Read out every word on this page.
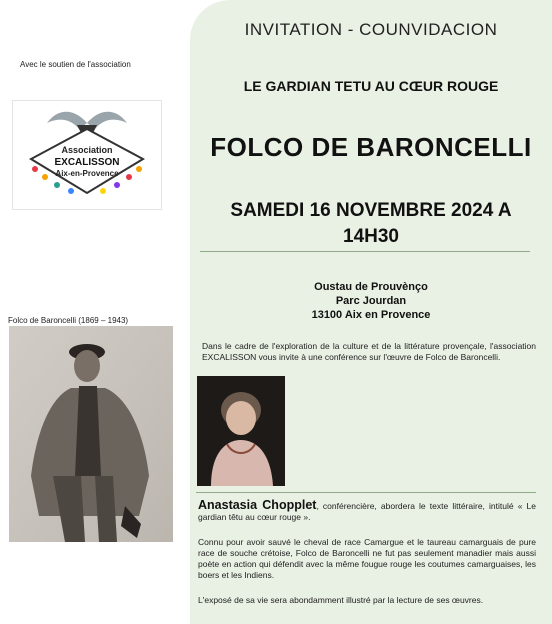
Avec le soutien de l'association
Association
EXCALISSON
Aix-en-Provence
Folco de Baroncelli (1869 – 1943)
INVITATION - COUNVIDACION
LE GARDIAN TETU AU CŒUR ROUGE
FOLCO DE BARONCELLI
SAMEDI 16 NOVEMBRE 2024 A
14H30
Oustau de Prouvènço
Parc Jourdan
13100 Aix en Provence
Dans le cadre de l'exploration de la culture et de la littérature provençale, l'association EXCALISSON vous invite à une conférence sur l'œuvre de Folco de Baroncelli.
Anastasia Chopplet, conférencière, abordera le texte littéraire, intitulé « Le gardian têtu au cœur rouge ».
Connu pour avoir sauvé le cheval de race Camargue et le taureau camarguais de pure race de souche crétoise, Folco de Baroncelli ne fut pas seulement manadier mais aussi poète en action qui défendit avec la même fougue rouge les coutumes camarguaises, les boers et les Indiens.
L'exposé de sa vie sera abondamment illustré par la lecture de ses œuvres.
